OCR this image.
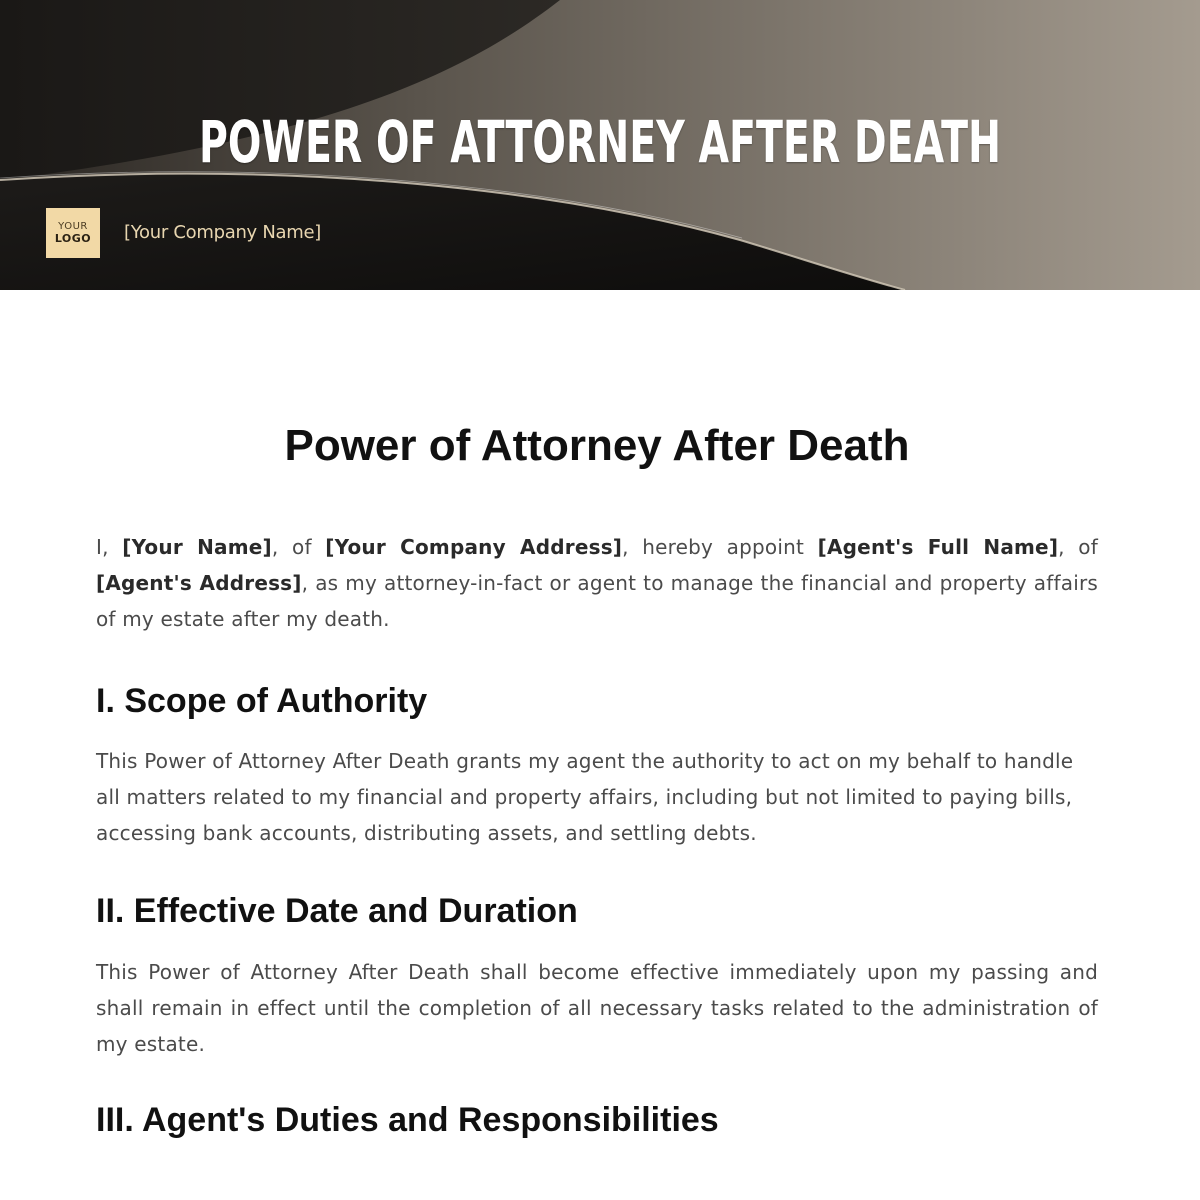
POWER OF ATTORNEY AFTER DEATH
YOUR
LOGO [Your Company Name]
Power of Attorney After Death

I, [Your Name], of [Your Company Address], hereby appoint [Agent's Full Name], of [Agent's Address], as my attorney-in-fact or agent to manage the financial and property affairs of my estate after my death.

I. Scope of Authority

This Power of Attorney After Death grants my agent the authority to act on my behalf to handle all matters related to my financial and property affairs, including but not limited to paying bills, accessing bank accounts, distributing assets, and settling debts.

II. Effective Date and Duration

This Power of Attorney After Death shall become effective immediately upon my passing and shall remain in effect until the completion of all necessary tasks related to the administration of my estate.

III. Agent's Duties and Responsibilities
